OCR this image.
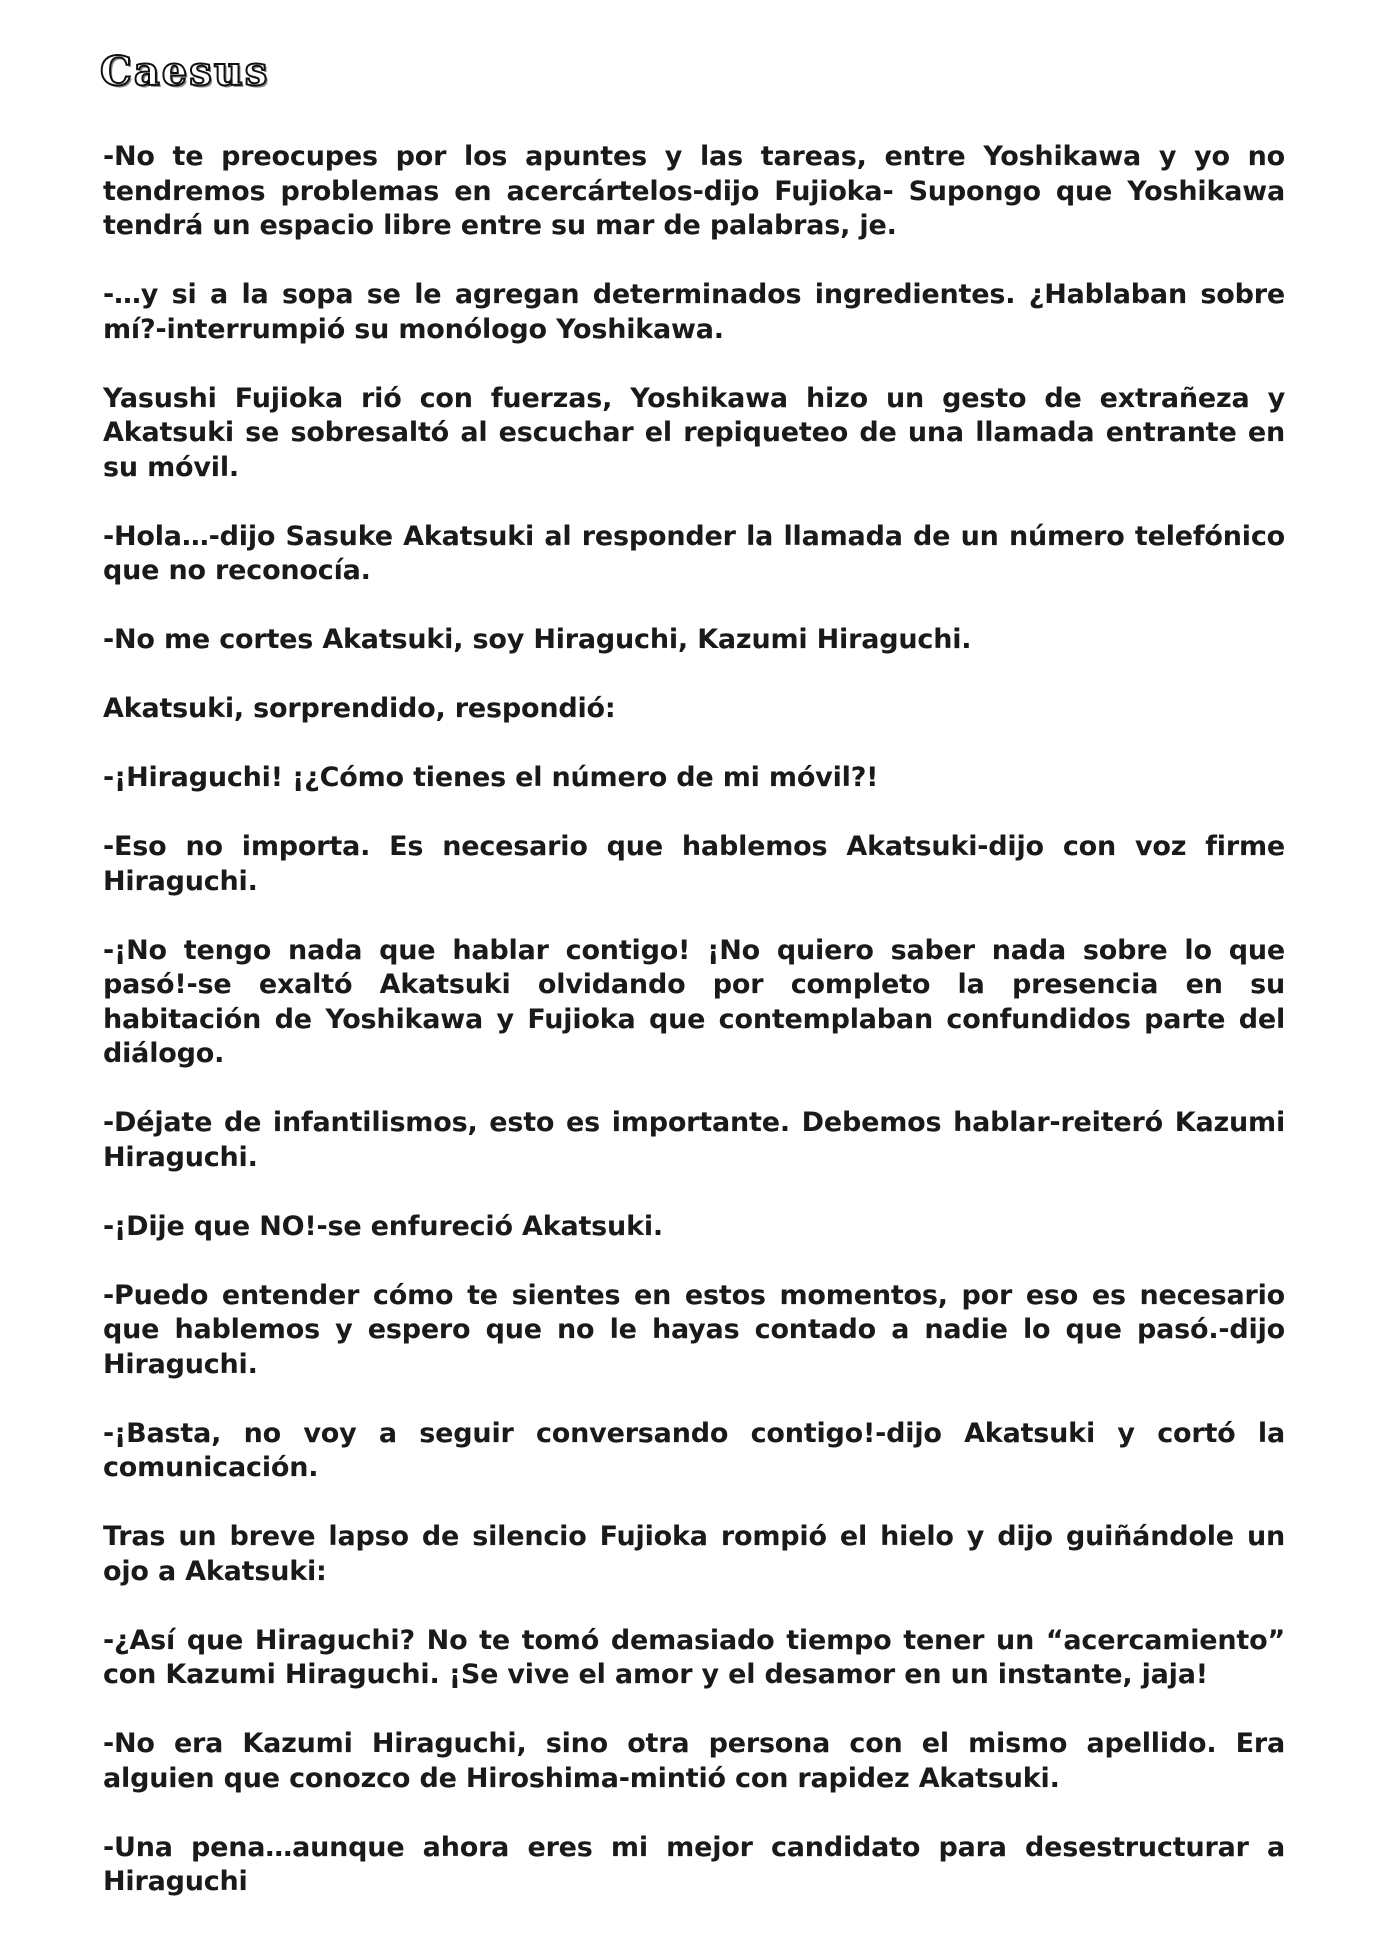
Caesus

-No te preocupes por los apuntes y las tareas, entre Yoshikawa y yo no tendremos problemas en acercártelos-dijo Fujioka- Supongo que Yoshikawa tendrá un espacio libre entre su mar de palabras, je.

-…y si a la sopa se le agregan determinados ingredientes. ¿Hablaban sobre mí?-interrumpió su monólogo Yoshikawa.

Yasushi Fujioka rió con fuerzas, Yoshikawa hizo un gesto de extrañeza y Akatsuki se sobresaltó al escuchar el repiqueteo de una llamada entrante en su móvil.

-Hola…-dijo Sasuke Akatsuki al responder la llamada de un número telefónico que no reconocía.

-No me cortes Akatsuki, soy Hiraguchi, Kazumi Hiraguchi.

Akatsuki, sorprendido, respondió:

-¡Hiraguchi! ¡¿Cómo tienes el número de mi móvil?!

-Eso no importa. Es necesario que hablemos Akatsuki-dijo con voz firme Hiraguchi.

-¡No tengo nada que hablar contigo! ¡No quiero saber nada sobre lo que pasó!-se exaltó Akatsuki olvidando por completo la presencia en su habitación de Yoshikawa y Fujioka que contemplaban confundidos parte del diálogo.

-Déjate de infantilismos, esto es importante. Debemos hablar-reiteró Kazumi Hiraguchi.

-¡Dije que NO!-se enfureció Akatsuki.

-Puedo entender cómo te sientes en estos momentos, por eso es necesario que hablemos y espero que no le hayas contado a nadie lo que pasó.-dijo Hiraguchi.

-¡Basta, no voy a seguir conversando contigo!-dijo Akatsuki y cortó la comunicación.

Tras un breve lapso de silencio Fujioka rompió el hielo y dijo guiñándole un ojo a Akatsuki:

-¿Así que Hiraguchi? No te tomó demasiado tiempo tener un “acercamiento” con Kazumi Hiraguchi. ¡Se vive el amor y el desamor en un instante, jaja!

-No era Kazumi Hiraguchi, sino otra persona con el mismo apellido. Era alguien que conozco de Hiroshima-mintió con rapidez Akatsuki.

-Una pena…aunque ahora eres mi mejor candidato para desestructurar a Hiraguchi
